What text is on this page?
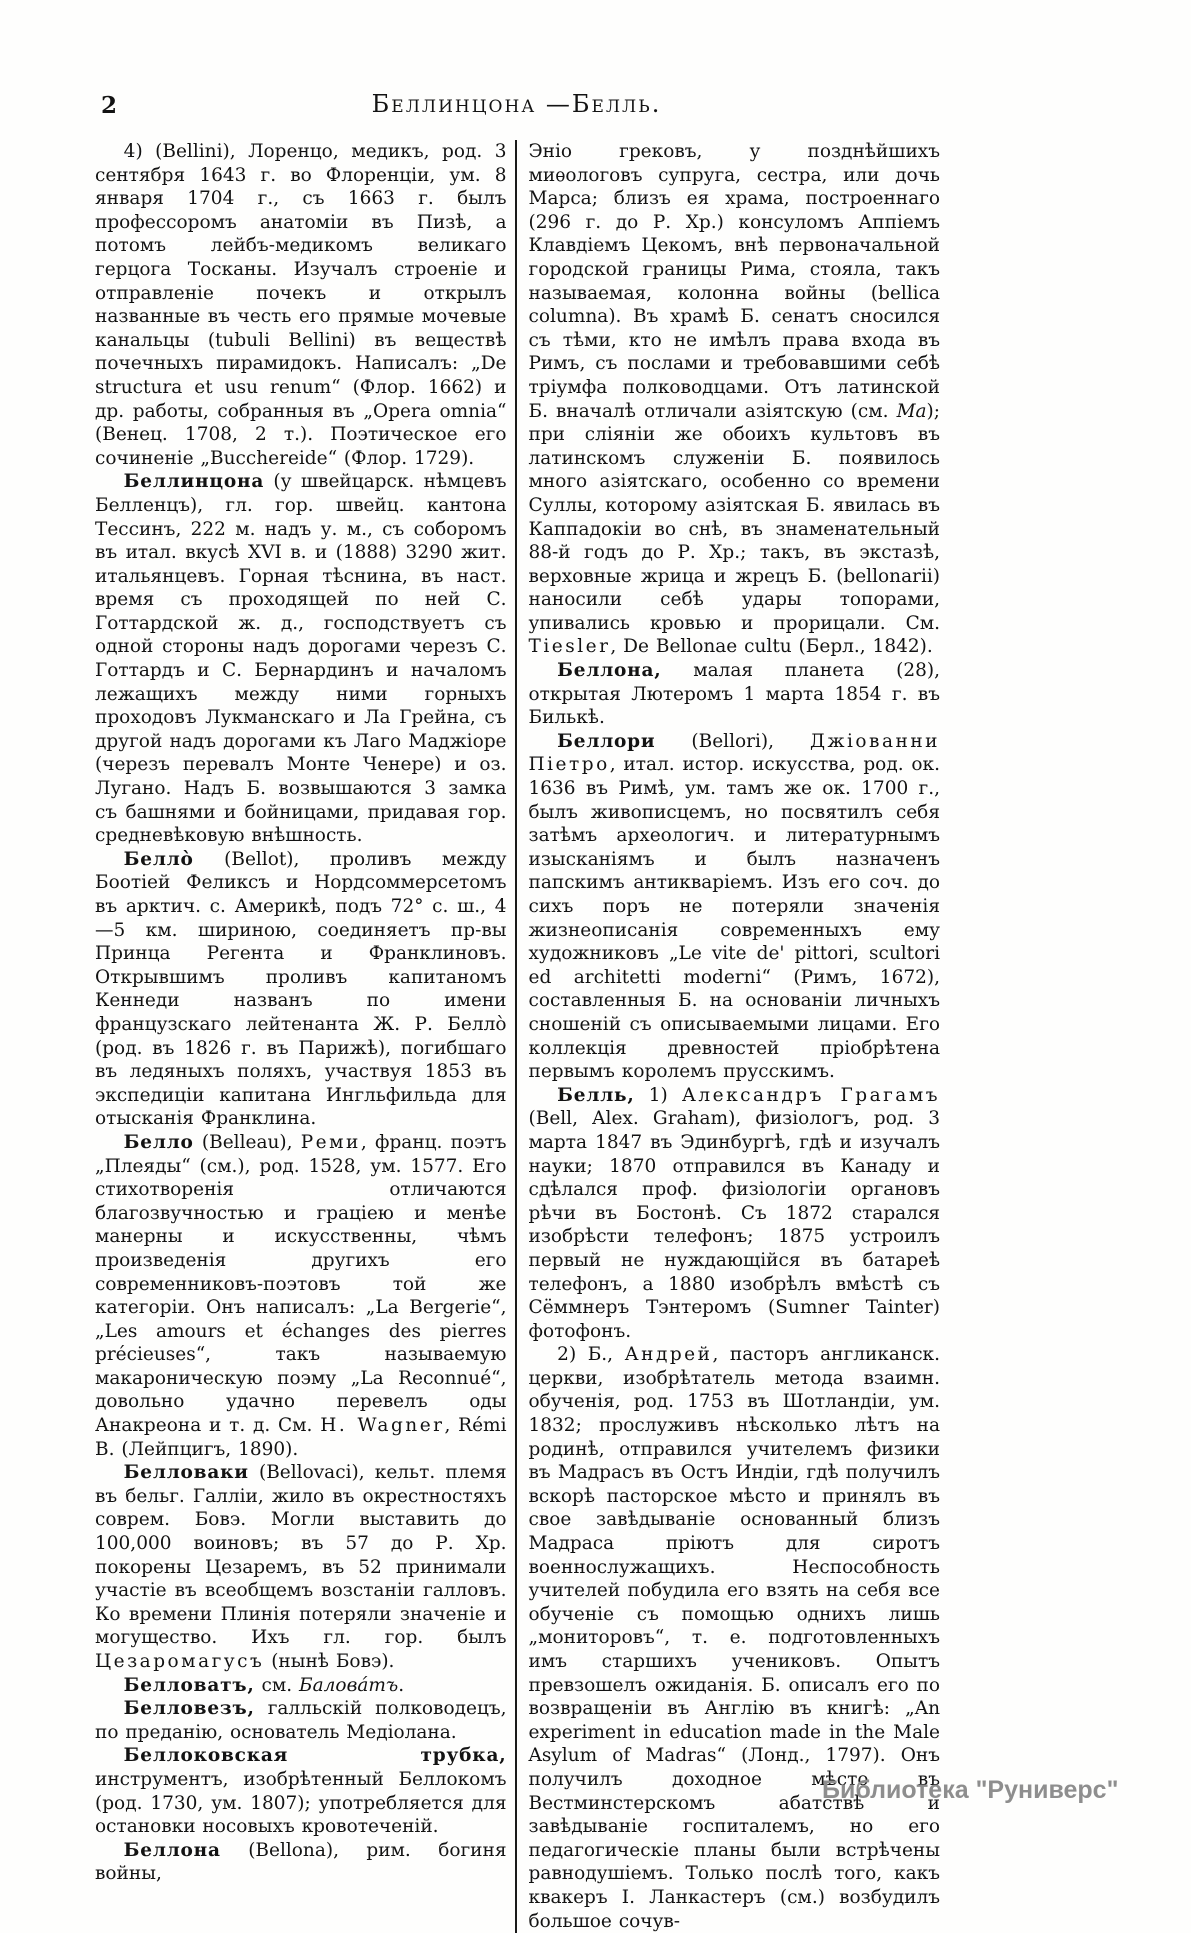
2	Беллинцона —Белль.

4) (Bellini), Лоренцо, медикъ, род. 3 сентября 1643 г. во Флоренціи, ум. 8 января 1704 г., съ 1663 г. былъ профессоромъ анатоміи въ Пизѣ, а потомъ лейбъ-медикомъ великаго герцога Тосканы. Изучалъ строеніе и отправленіе почекъ и открылъ названные въ честь его прямые мочевые канальцы (tubuli Bellini) въ веществѣ почечныхъ пирамидокъ. Написалъ: „De structura et usu renum“ (Флор. 1662) и др. работы, собранныя въ „Opera omnia“ (Венец. 1708, 2 т.). Поэтическое его сочиненіе „Bucchereide“ (Флор. 1729).

Беллинцона (у швейцарск. нѣмцевъ Белленцъ), гл. гор. швейц. кантона Тессинъ, 222 м. надъ у. м., съ соборомъ въ итал. вкусѣ XVI в. и (1888) 3290 жит. итальянцевъ. Горная тѣснина, въ наст. время съ проходящей по ней С. Готтардской ж. д., господствуетъ съ одной стороны надъ дорогами черезъ С. Готтардъ и С. Бернардинъ и началомъ лежащихъ между ними горныхъ проходовъ Лукманскаго и Ла Грейна, съ другой надъ дорогами къ Лаго Маджіоре (черезъ перевалъ Монте Ченере) и оз. Лугано. Надъ Б. возвышаются 3 замка съ башнями и бойницами, придавая гор. средневѣковую внѣшность.

Белло̀ (Bellot), проливъ между Боотіей Феликсъ и Нордсоммерсетомъ въ арктич. с. Америкѣ, подъ 72° с. ш., 4—5 км. шириною, соединяетъ пр-вы Принца Регента и Франклиновъ. Открывшимъ проливъ капитаномъ Кеннеди названъ по имени французскаго лейтенанта Ж. Р. Белло̀ (род. въ 1826 г. въ Парижѣ), погибшаго въ ледяныхъ поляхъ, участвуя 1853 въ экспедиціи капитана Ингльфильда для отысканія Франклина.

Белло (Belleau), Реми, франц. поэтъ „Плеяды“ (см.), род. 1528, ум. 1577. Его стихотворенія отличаются благозвучностью и граціею и менѣе манерны и искусственны, чѣмъ произведенія другихъ его современниковъ-поэтовъ той же категоріи. Онъ написалъ: „La Bergerie“, „Les amours et échanges des pierres précieuses“, такъ называемую макароническую поэму „La Reconnué“, довольно удачно перевелъ оды Анакреона и т. д. См. H. Wagner, Rémi B. (Лейпцигъ, 1890).

Белловаки (Bellovaci), кельт. племя въ бельг. Галліи, жило въ окрестностяхъ соврем. Бовэ. Могли выставить до 100,000 воиновъ; въ 57 до Р. Хр. покорены Цезаремъ, въ 52 принимали участіе въ всеобщемъ возстаніи галловъ. Ко времени Плинія потеряли значеніе и могущество. Ихъ гл. гор. былъ Цезаромагусъ (нынѣ Бовэ).

Белловатъ, см. Баловáтъ.

Белловезъ, галльскій полководецъ, по преданію, основатель Медіолана.

Беллоковская трубка, инструментъ, изобрѣтенный Беллокомъ (род. 1730, ум. 1807); употребляется для остановки носовыхъ кровотеченій.

Беллона (Bellona), рим. богиня войны,

Эніо грековъ, у позднѣйшихъ миѳологовъ супруга, сестра, или дочь Марса; близъ ея храма, построеннаго (296 г. до Р. Хр.) консуломъ Аппіемъ Клавдіемъ Цекомъ, внѣ первоначальной городской границы Рима, стояла, такъ называемая, колонна войны (bellica columna). Въ храмѣ Б. сенатъ сносился съ тѣми, кто не имѣлъ права входа въ Римъ, съ послами и требовавшими себѣ тріумфа полководцами. Отъ латинской Б. вначалѣ отличали азіятскую (см. Ма); при сліяніи же обоихъ культовъ въ латинскомъ служеніи Б. появилось много азіятскаго, особенно со времени Суллы, которому азіятская Б. явилась въ Каппадокіи во снѣ, въ знаменательный 88-й годъ до Р. Хр.; такъ, въ экстазѣ, верховные жрица и жрецъ Б. (bellonarii) наносили себѣ удары топорами, упивались кровью и прорицали. См. Tiesler, De Bellonae cultu (Берл., 1842).

Беллона, малая планета (28), открытая Лютеромъ 1 марта 1854 г. въ Билькѣ.

Беллори (Bellori), Джіованни Піетро, итал. истор. искусства, род. ок. 1636 въ Римѣ, ум. тамъ же ок. 1700 г., былъ живописцемъ, но посвятилъ себя затѣмъ археологич. и литературнымъ изысканіямъ и былъ назначенъ папскимъ антикваріемъ. Изъ его соч. до сихъ поръ не потеряли значенія жизнеописанія современныхъ ему художниковъ „Le vite de' pittori, scultori ed architetti moderni“ (Римъ, 1672), составленныя Б. на основаніи личныхъ сношеній съ описываемыми лицами. Его коллекція древностей пріобрѣтена первымъ королемъ прусскимъ.

Белль, 1) Александръ Грагамъ (Bell, Alex. Graham), физіологъ, род. 3 марта 1847 въ Эдинбургѣ, гдѣ и изучалъ науки; 1870 отправился въ Канаду и сдѣлался проф. физіологіи органовъ рѣчи въ Бостонѣ. Съ 1872 старался изобрѣсти телефонъ; 1875 устроилъ первый не нуждающійся въ батареѣ телефонъ, а 1880 изобрѣлъ вмѣстѣ съ Сёммнеръ Тэнтеромъ (Sumner Tainter) фотофонъ.

2) Б., Андрей, пасторъ англиканск. церкви, изобрѣтатель метода взаимн. обученія, род. 1753 въ Шотландіи, ум. 1832; прослуживъ нѣсколько лѣтъ на родинѣ, отправился учителемъ физики въ Мадрасъ въ Остъ Индіи, гдѣ получилъ вскорѣ пасторское мѣсто и принялъ въ свое завѣдываніе основанный близъ Мадраса пріютъ для сиротъ военнослужащихъ. Неспособность учителей побудила его взять на себя все обученіе съ помощью однихъ лишь „мониторовъ“, т. е. подготовленныхъ имъ старшихъ учениковъ. Опытъ превзошелъ ожиданія. Б. описалъ его по возвращеніи въ Англію въ книгѣ: „An experiment in education made in the Male Asylum of Madras“ (Лонд., 1797). Онъ получилъ доходное мѣсто въ Вестминстерскомъ абатствѣ и завѣдываніе госпиталемъ, но его педагогическіе планы были встрѣчены равнодушіемъ. Только послѣ того, какъ квакеръ I. Ланкастеръ (см.) возбудилъ большое сочув-

Библиотека "Руниверс"
